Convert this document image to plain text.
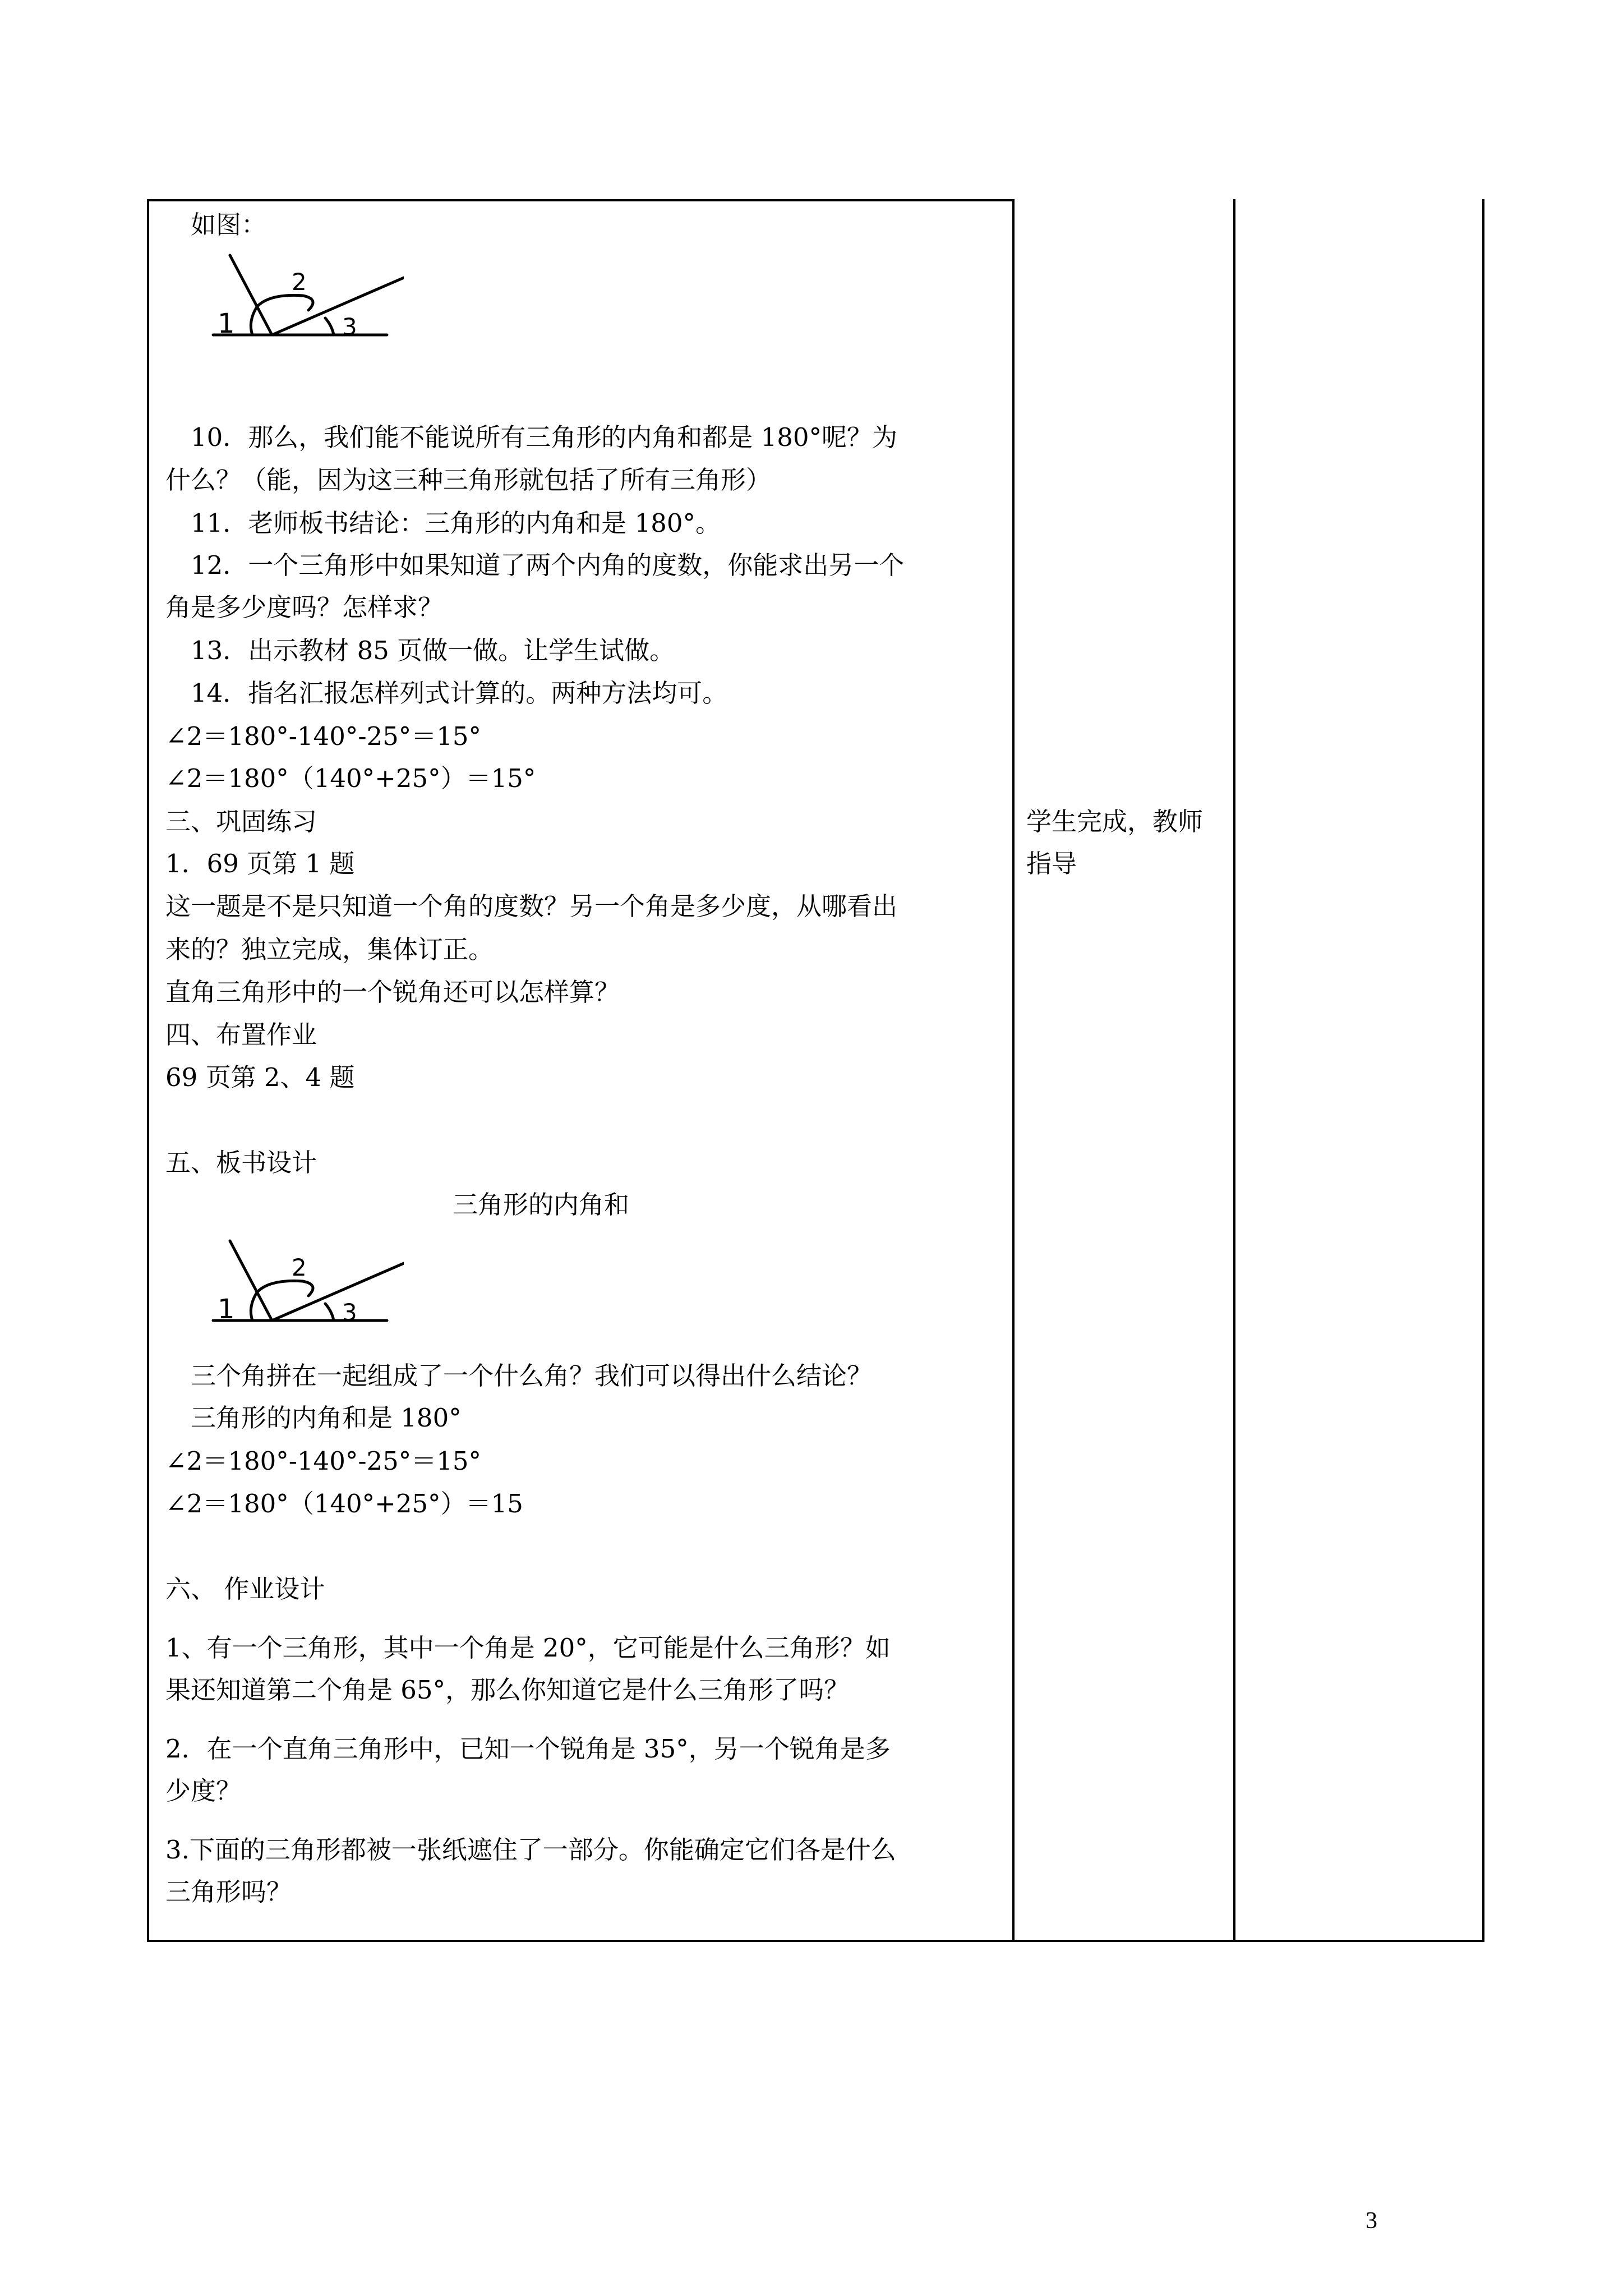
如图：
1
2
3
10．那么，我们能不能说所有三角形的内角和都是 180°呢？为
什么？（能，因为这三种三角形就包括了所有三角形）
11．老师板书结论：三角形的内角和是 180°。
12．一个三角形中如果知道了两个内角的度数，你能求出另一个
角是多少度吗？怎样求？
13．出示教材 85 页做一做。让学生试做。
14．指名汇报怎样列式计算的。两种方法均可。
∠2＝180°-140°-25°＝15°
∠2＝180°（140°+25°）＝15°
三、巩固练习
1．69 页第 1 题
这一题是不是只知道一个角的度数？另一个角是多少度，从哪看出
来的？独立完成，集体订正。
直角三角形中的一个锐角还可以怎样算？
四、布置作业
69 页第 2、4 题
五、板书设计
三角形的内角和
1
2
3
三个角拼在一起组成了一个什么角？我们可以得出什么结论？
三角形的内角和是 180°
∠2＝180°-140°-25°＝15°
∠2＝180°（140°+25°）＝15
六、 作业设计
1、有一个三角形，其中一个角是 20°，它可能是什么三角形？如
果还知道第二个角是 65°，那么你知道它是什么三角形了吗？
2．在一个直角三角形中，已知一个锐角是 35°，另一个锐角是多
少度？
3.下面的三角形都被一张纸遮住了一部分。你能确定它们各是什么
三角形吗？
学生完成，教师
指导
3
